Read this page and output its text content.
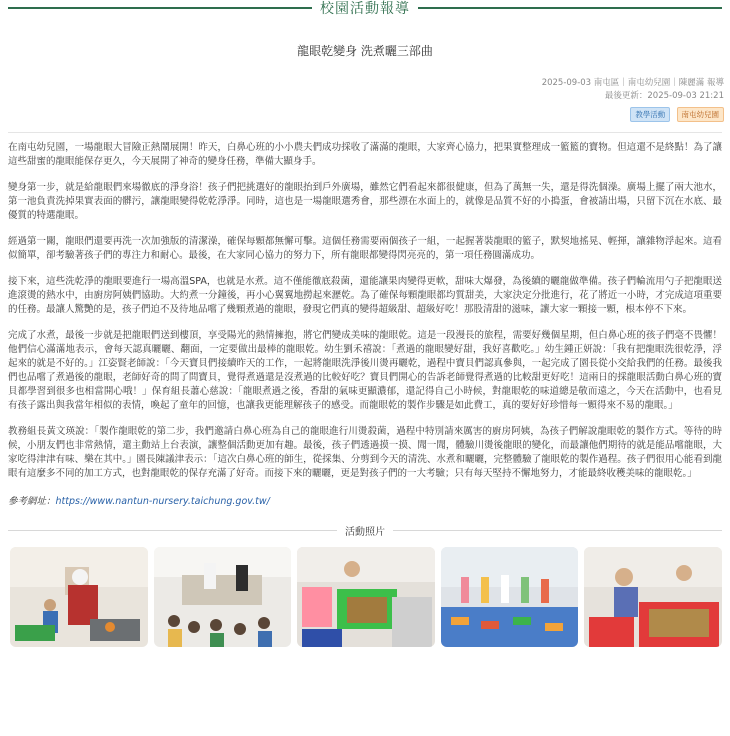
校園活動報導
龍眼乾變身 洗煮曬三部曲
2025-09-03 南屯區｜南屯幼兒園｜陳麗滿 報導
最後更新：2025-09-03 21:21
教學活動 南屯幼兒園

在南屯幼兒園，一場龍眼大冒險正熱鬧展開！昨天，白鼻心班的小小農夫們成功採收了滿滿的龍眼，大家齊心協力，把果實整理成一籃籃的寶物。但這還不是終點！為了讓這些甜蜜的龍眼能保存更久，今天展開了神奇的變身任務，準備大顯身手。

變身第一步，就是給龍眼們來場徹底的淨身浴！孩子們把挑選好的龍眼抬到戶外廣場，雖然它們看起來都很健康，但為了萬無一失，還是得洗個澡。廣場上擺了兩大池水，第一池負責洗掉果實表面的髒污，讓龍眼變得乾乾淨淨。同時，這也是一場龍眼選秀會，那些漂在水面上的，就像是品質不好的小搗蛋，會被請出場，只留下沉在水底、最優質的特選龍眼。

經過第一關，龍眼們還要再洗一次加強版的清潔澡，確保每顆都無懈可擊。這個任務需要兩個孩子一組，一起握著裝龍眼的籃子，默契地搖晃、輕揮，讓雜物浮起來。這看似簡單，卻考驗著孩子們的專注力和耐心。最後，在大家同心協力的努力下，所有龍眼都變得閃亮亮的，第一項任務圓滿成功。

接下來，這些洗乾淨的龍眼要進行一場高溫SPA，也就是水煮。這不僅能徹底殺菌，還能讓果肉變得更軟，甜味大爆發，為後續的曬龍做準備。孩子們輪流用勺子把龍眼送進滾燙的熱水中，由廚房阿姨們協助。大約煮一分鐘後，再小心翼翼地撈起來瀝乾。為了確保每顆龍眼都均質甜美，大家決定分批進行，花了將近一小時，才完成這項重要的任務。最讓人驚艷的是，孩子們迫不及待地品嚐了幾顆煮過的龍眼，發現它們真的變得超級甜、超級好吃！那股清甜的滋味，讓大家一顆接一顆，根本停不下來。

完成了水煮，最後一步就是把龍眼們送到樓頂，享受陽光的熱情擁抱，將它們變成美味的龍眼乾。這是一段漫長的旅程，需要好幾個星期，但白鼻心班的孩子們毫不畏懼！他們信心滿滿地表示，會每天認真曬曬、翻面，一定要做出最棒的龍眼乾。幼生劉禾禧說：「煮過的龍眼變好甜，我好喜歡吃。」幼生鍾正妍說：「我有把龍眼洗很乾淨，浮起來的就是不好的。」江姿賢老師說：「今天寶貝們接續昨天的工作，一起將龍眼洗淨後川燙再曬乾，過程中寶貝們認真參與，一起完成了園長從小交給我們的任務。最後我們也品嚐了煮過後的龍眼，老師好奇的問了問寶貝，覺得煮過還是沒煮過的比較好吃？寶貝們開心的告訴老師覺得煮過的比較甜更好吃！這兩日的採龍眼活動白鼻心班的寶貝都學習到很多也相當開心哦！」保育組長蕭心慈說：「龍眼煮過之後，香甜的氣味更顯濃郁，還記得自己小時候，對龍眼乾的味道總是敬而遠之，今天在活動中，也看見有孩子露出與我當年相似的表情，喚起了童年的回憶，也讓我更能理解孩子的感受。而龍眼乾的製作步驟是如此費工，真的要好好珍惜每一顆得來不易的龍眼。」

教務組長黃文瑛說：「製作龍眼乾的第二步，我們邀請白鼻心班為自己的龍眼進行川燙殺菌，過程中特別請來厲害的廚房阿姨，為孩子們解說龍眼乾的製作方式。等待的時候，小朋友們也非常熱情，還主動站上台表演，讓整個活動更加有趣。最後，孩子們透過摸一摸、聞一聞，體驗川燙後龍眼的變化，而最讓他們期待的就是能品嚐龍眼，大家吃得津津有味、樂在其中。」園長陳議津表示：「這次白鼻心班的師生，從採集、分剪到今天的清洗、水煮和曬曬，完整體驗了龍眼乾的製作過程。孩子們很用心能看到龍眼有這麼多不同的加工方式，也對龍眼乾的保存充滿了好奇。而接下來的曬曬，更是對孩子們的一大考驗；只有每天堅持不懈地努力，才能最終收穫美味的龍眼乾。」

參考網址：https://www.nantun-nursery.taichung.gov.tw/
活動照片
